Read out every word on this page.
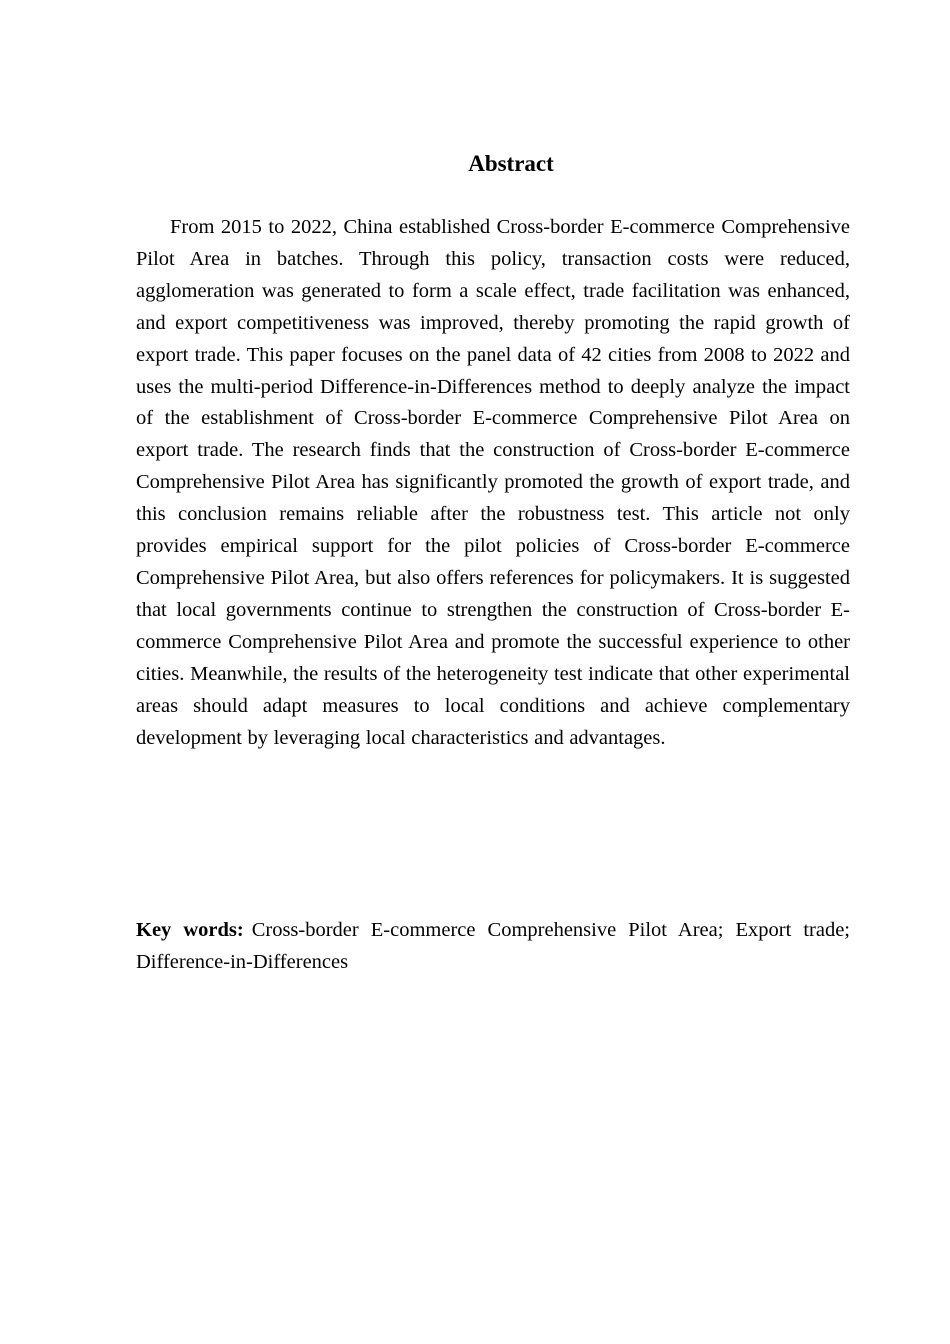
Abstract

From 2015 to 2022, China established Cross-border E-commerce Comprehensive Pilot Area in batches. Through this policy, transaction costs were reduced, agglomeration was generated to form a scale effect, trade facilitation was enhanced, and export competitiveness was improved, thereby promoting the rapid growth of export trade. This paper focuses on the panel data of 42 cities from 2008 to 2022 and uses the multi-period Difference-in-Differences method to deeply analyze the impact of the establishment of Cross-border E-commerce Comprehensive Pilot Area on export trade. The research finds that the construction of Cross-border E-commerce Comprehensive Pilot Area has significantly promoted the growth of export trade, and this conclusion remains reliable after the robustness test. This article not only provides empirical support for the pilot policies of Cross-border E-commerce Comprehensive Pilot Area, but also offers references for policymakers. It is suggested that local governments continue to strengthen the construction of Cross-border E-commerce Comprehensive Pilot Area and promote the successful experience to other cities. Meanwhile, the results of the heterogeneity test indicate that other experimental areas should adapt measures to local conditions and achieve complementary development by leveraging local characteristics and advantages.

Key words: Cross-border E-commerce Comprehensive Pilot Area; Export trade; Difference-in-Differences
